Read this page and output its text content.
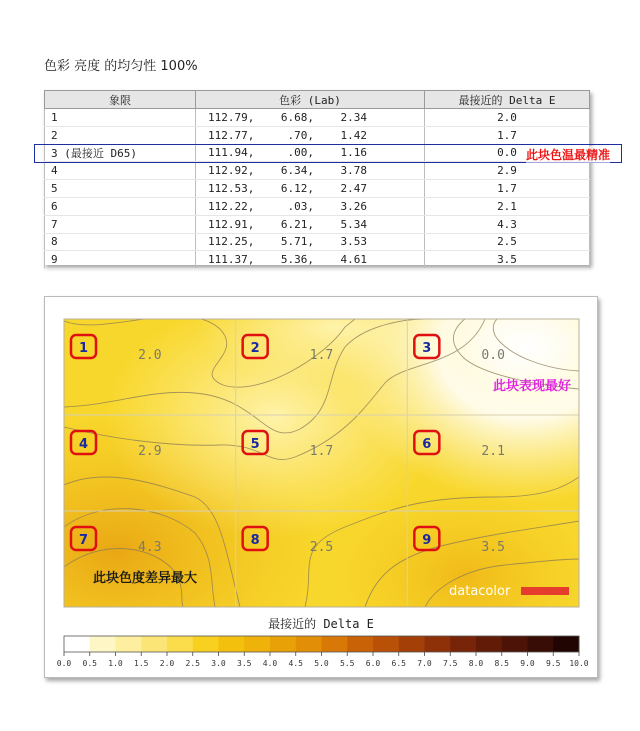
色彩 亮度 的均匀性 100%
象限	色彩 (Lab)	最接近的 Delta E
1	112.79,    6.68,    2.34	2.0
2	112.77,     .70,    1.42	1.7
3 (最接近 D65)	111.94,     .00,    1.16	0.0
4	112.92,    6.34,    3.78	2.9
5	112.53,    6.12,    2.47	1.7
6	112.22,     .03,    3.26	2.1
7	112.91,    6.21,    5.34	4.3
8	112.25,    5.71,    3.53	2.5
9	111.37,    5.36,    4.61	3.5
此块色温最精准
1	2.0	2	1.7	3	0.0
4	2.9	5	1.7	6	2.1
7	4.3	8	2.5	9	3.5
此块表现最好
此块色度差异最大
datacolor
最接近的 Delta E
0.0 0.5 1.0 1.5 2.0 2.5 3.0 3.5 4.0 4.5 5.0 5.5 6.0 6.5 7.0 7.5 8.0 8.5 9.0 9.5 10.0
